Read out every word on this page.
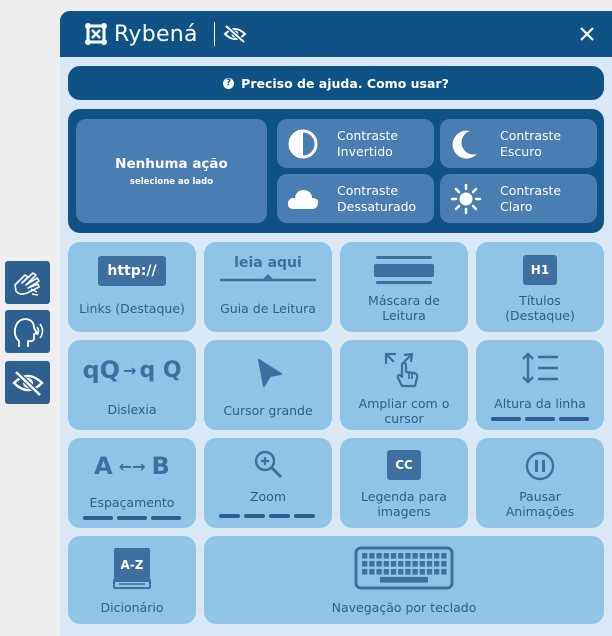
Rybená
? Preciso de ajuda. Como usar?
Nenhuma ação
selecione ao lado
Contraste
Invertido
Contraste
Escuro
Contraste
Dessaturado
Contraste
Claro
http://
Links (Destaque)
leia aqui
Guia de Leitura
Máscara de
Leitura
H1
Títulos
(Destaque)
qQ → q Q
Dislexia	Cursor grande	Ampliar com o
cursor
Altura da linha
A ←→ B
Espaçamento	Zoom
CC
Legenda para
imagens
Pausar
Animações
A-Z
Dicionário	Navegação por teclado
